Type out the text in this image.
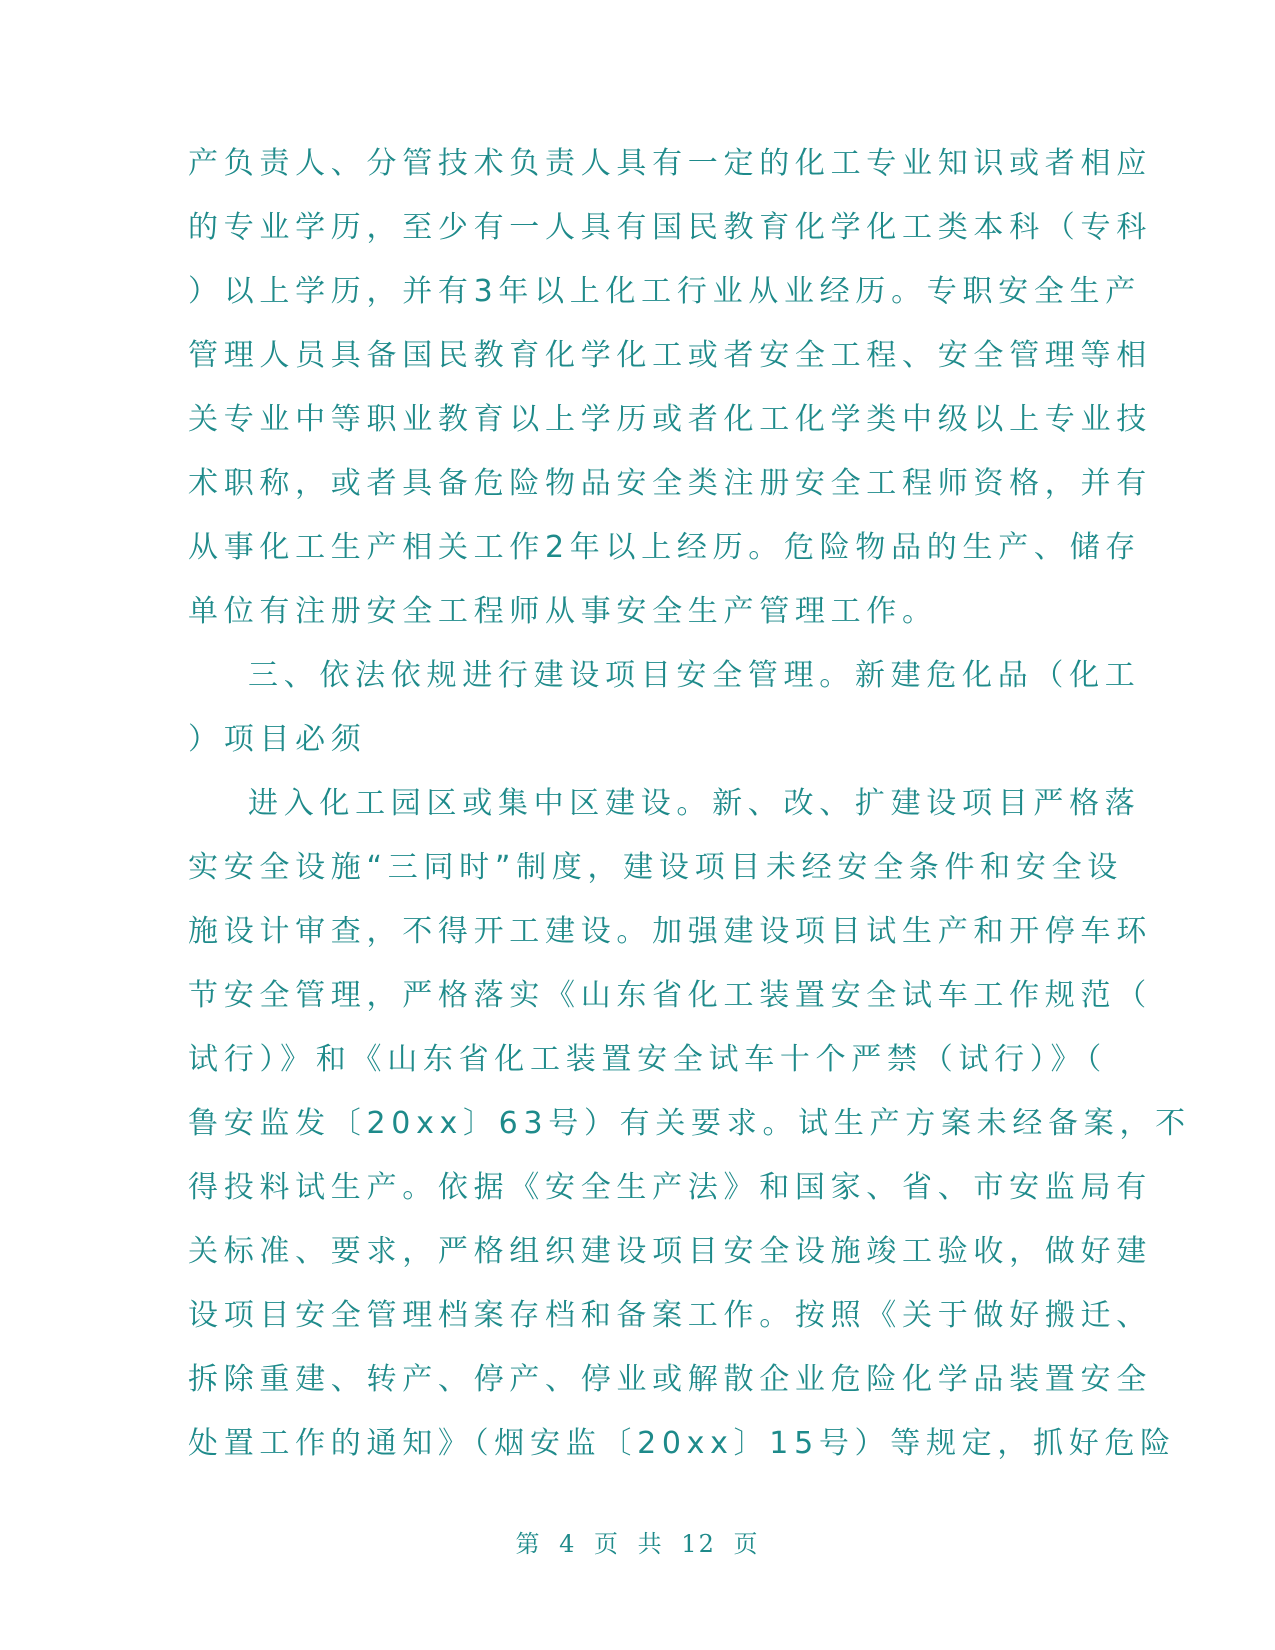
产负责人、分管技术负责人具有一定的化工专业知识或者相应
的专业学历，至少有一人具有国民教育化学化工类本科（专科
）以上学历，并有3年以上化工行业从业经历。专职安全生产
管理人员具备国民教育化学化工或者安全工程、安全管理等相
关专业中等职业教育以上学历或者化工化学类中级以上专业技
术职称，或者具备危险物品安全类注册安全工程师资格，并有
从事化工生产相关工作2年以上经历。危险物品的生产、储存
单位有注册安全工程师从事安全生产管理工作。
三、依法依规进行建设项目安全管理。新建危化品（化工
）项目必须
进入化工园区或集中区建设。新、改、扩建设项目严格落
实安全设施“三同时”制度，建设项目未经安全条件和安全设
施设计审查，不得开工建设。加强建设项目试生产和开停车环
节安全管理，严格落实《山东省化工装置安全试车工作规范（
试行）》和《山东省化工装置安全试车十个严禁（试行）》（
鲁安监发〔20xx〕63号）有关要求。试生产方案未经备案，不
得投料试生产。依据《安全生产法》和国家、省、市安监局有
关标准、要求，严格组织建设项目安全设施竣工验收，做好建
设项目安全管理档案存档和备案工作。按照《关于做好搬迁、
拆除重建、转产、停产、停业或解散企业危险化学品装置安全
处置工作的通知》（烟安监〔20xx〕15号）等规定，抓好危险
第 4 页 共 12 页
